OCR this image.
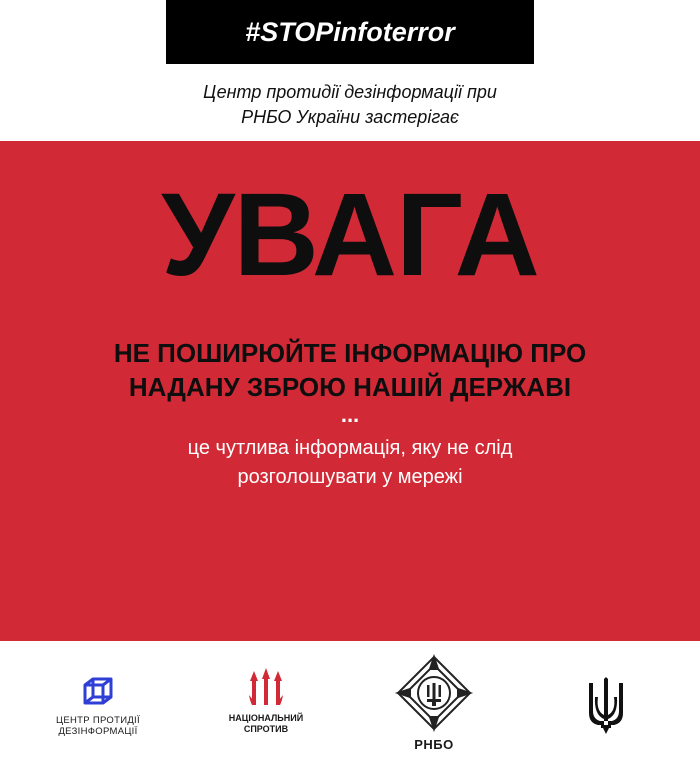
#STOPinfoterror
Центр протидії дезінформації при
РНБО України застерігає
УВАГА
НЕ ПОШИРЮЙТЕ ІНФОРМАЦІЮ ПРО
НАДАНУ ЗБРОЮ НАШІЙ ДЕРЖАВІ
...
це чутлива інформація, яку не слід
розголошувати у мережі
ЦЕНТР ПРОТИДІЇ
ДЕЗІНФОРМАЦІЇ
НАЦІОНАЛЬНИЙ
СПРОТИВ
РНБО
